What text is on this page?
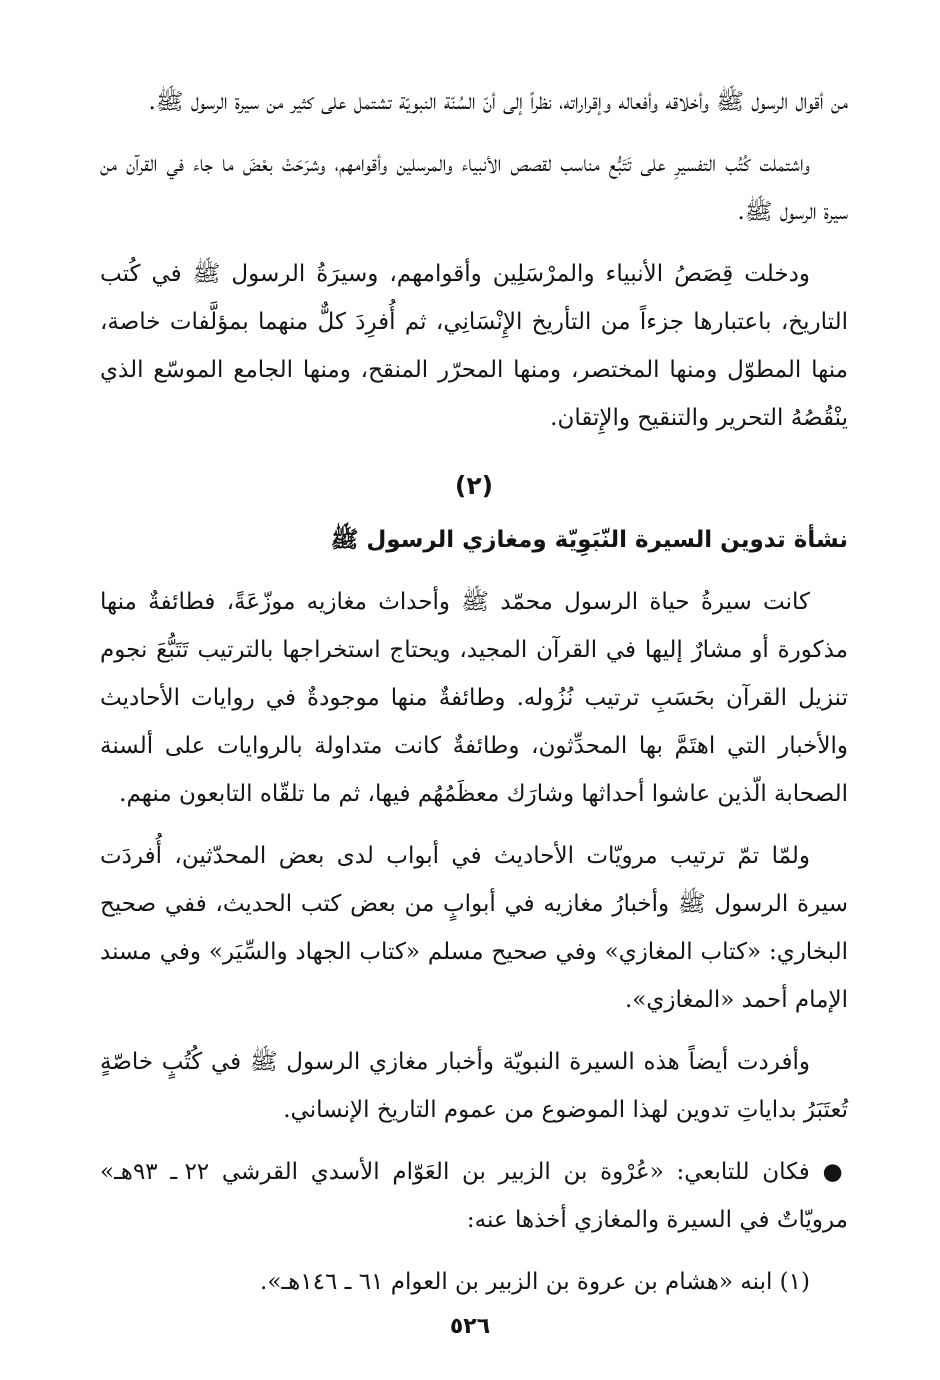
من أقوال الرسول ﷺ وأخلاقه وأفعاله وإقراراته، نظراً إلى أنّ السُنّة النبويّة تشتمل على كثير من سيرة الرسول ﷺ.

واشتملت كُتُب التفسيرِ على تَتَبُّع مناسب لقصص الأنبياء والمرسلين وأقوامهم، وشرَحَتْ بعْضَ ما جاء في القرآن من سيرة الرسول ﷺ.

ودخلت قِصَصُ الأنبياء والمرْسَلِين وأقوامهم، وسيرَةُ الرسول ﷺ في كُتب التاريخ، باعتبارها جزءاً من التأريخ الإِنْسَانِي، ثم أُفرِدَ كلٌّ منهما بمؤلَّفات خاصة، منها المطوّل ومنها المختصر، ومنها المحرّر المنقح، ومنها الجامع الموسّع الذي ينْقُصُهُ التحرير والتنقيح والإِتقان.

(٢)
نشأة تدوين السيرة النّبَوِيّة ومغازي الرسول ﷺ

كانت سيرةُ حياة الرسول محمّد ﷺ وأحداث مغازيه موزّعَةً، فطائفةٌ منها مذكورة أو مشارٌ إليها في القرآن المجيد، ويحتاج استخراجها بالترتيب تَتَبُّعَ نجوم تنزيل القرآن بحَسَبِ ترتيب نُزُوله. وطائفةٌ منها موجودةٌ في روايات الأحاديث والأخبار التي اهتَمَّ بها المحدِّثون، وطائفةٌ كانت متداولة بالروايات على ألسنة الصحابة الّذين عاشوا أحداثها وشارَك معظَمُهُم فيها، ثم ما تلقّاه التابعون منهم.

ولمّا تمّ ترتيب مرويّات الأحاديث في أبواب لدى بعض المحدّثين، أُفردَت سيرة الرسول ﷺ وأخبارُ مغازيه في أبوابٍ من بعض كتب الحديث، ففي صحيح البخاري: «كتاب المغازي» وفي صحيح مسلم «كتاب الجهاد والسِّيَر» وفي مسند الإمام أحمد «المغازي».

وأفردت أيضاً هذه السيرة النبويّة وأخبار مغازي الرسول ﷺ في كُتُبٍ خاصّةٍ تُعتَبَرُ بداياتِ تدوين لهذا الموضوع من عموم التاريخ الإنساني.

● فكان للتابعي: «عُرْوة بن الزبير بن العَوّام الأسدي القرشي ٢٢ ـ ٩٣هـ» مرويّاتٌ في السيرة والمغازي أخذها عنه:

(١) ابنه «هشام بن عروة بن الزبير بن العوام ٦١ ـ ١٤٦هـ».

٥٢٦
